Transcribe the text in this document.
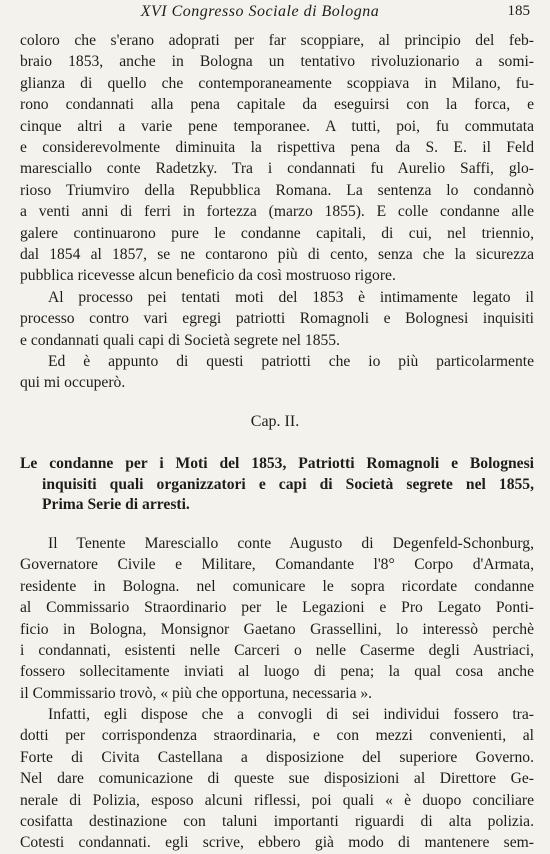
XVI Congresso Sociale di Bologna	185
coloro che s'erano adoprati per far scoppiare, al principio del feb-
braio 1853, anche in Bologna un tentativo rivoluzionario a somi-
glianza di quello che contemporaneamente scoppiava in Milano, fu-
rono condannati alla pena capitale da eseguirsi con la forca, e
cinque altri a varie pene temporanee. A tutti, poi, fu commutata
e considerevolmente diminuita la rispettiva pena da S. E. il Feld
maresciallo conte Radetzky. Tra i condannati fu Aurelio Saffi, glo-
rioso Triumviro della Repubblica Romana. La sentenza lo condannò
a venti anni di ferri in fortezza (marzo 1855). E colle condanne alle
galere continuarono pure le condanne capitali, di cui, nel triennio,
dal 1854 al 1857, se ne contarono più di cento, senza che la sicurezza
pubblica ricevesse alcun beneficio da così mostruoso rigore.
Al processo pei tentati moti del 1853 è intimamente legato il
processo contro vari egregi patriotti Romagnoli e Bolognesi inquisiti
e condannati quali capi di Società segrete nel 1855.
Ed è appunto di questi patriotti che io più particolarmente
qui mi occuperò.
Cap. II.
Le condanne per i Moti del 1853, Patriotti Romagnoli e Bolognesi
inquisiti quali organizzatori e capi di Società segrete nel 1855,
Prima Serie di arresti.
Il Tenente Maresciallo conte Augusto di Degenfeld-Schonburg,
Governatore Civile e Militare, Comandante l'8° Corpo d'Armata,
residente in Bologna. nel comunicare le sopra ricordate condanne
al Commissario Straordinario per le Legazioni e Pro Legato Ponti-
ficio in Bologna, Monsignor Gaetano Grassellini, lo interessò perchè
i condannati, esistenti nelle Carceri o nelle Caserme degli Austriaci,
fossero sollecitamente inviati al luogo di pena; la qual cosa anche
il Commissario trovò, « più che opportuna, necessaria ».
Infatti, egli dispose che a convogli di sei individui fossero tra-
dotti per corrispondenza straordinaria, e con mezzi convenienti, al
Forte di Civita Castellana a disposizione del superiore Governo.
Nel dare comunicazione di queste sue disposizioni al Direttore Ge-
nerale di Polizia, esposo alcuni riflessi, poi quali « è duopo conciliare
cosifatta destinazione con taluni importanti riguardi di alta polizia.
Cotesti condannati. egli scrive, ebbero già modo di mantenere sem-
